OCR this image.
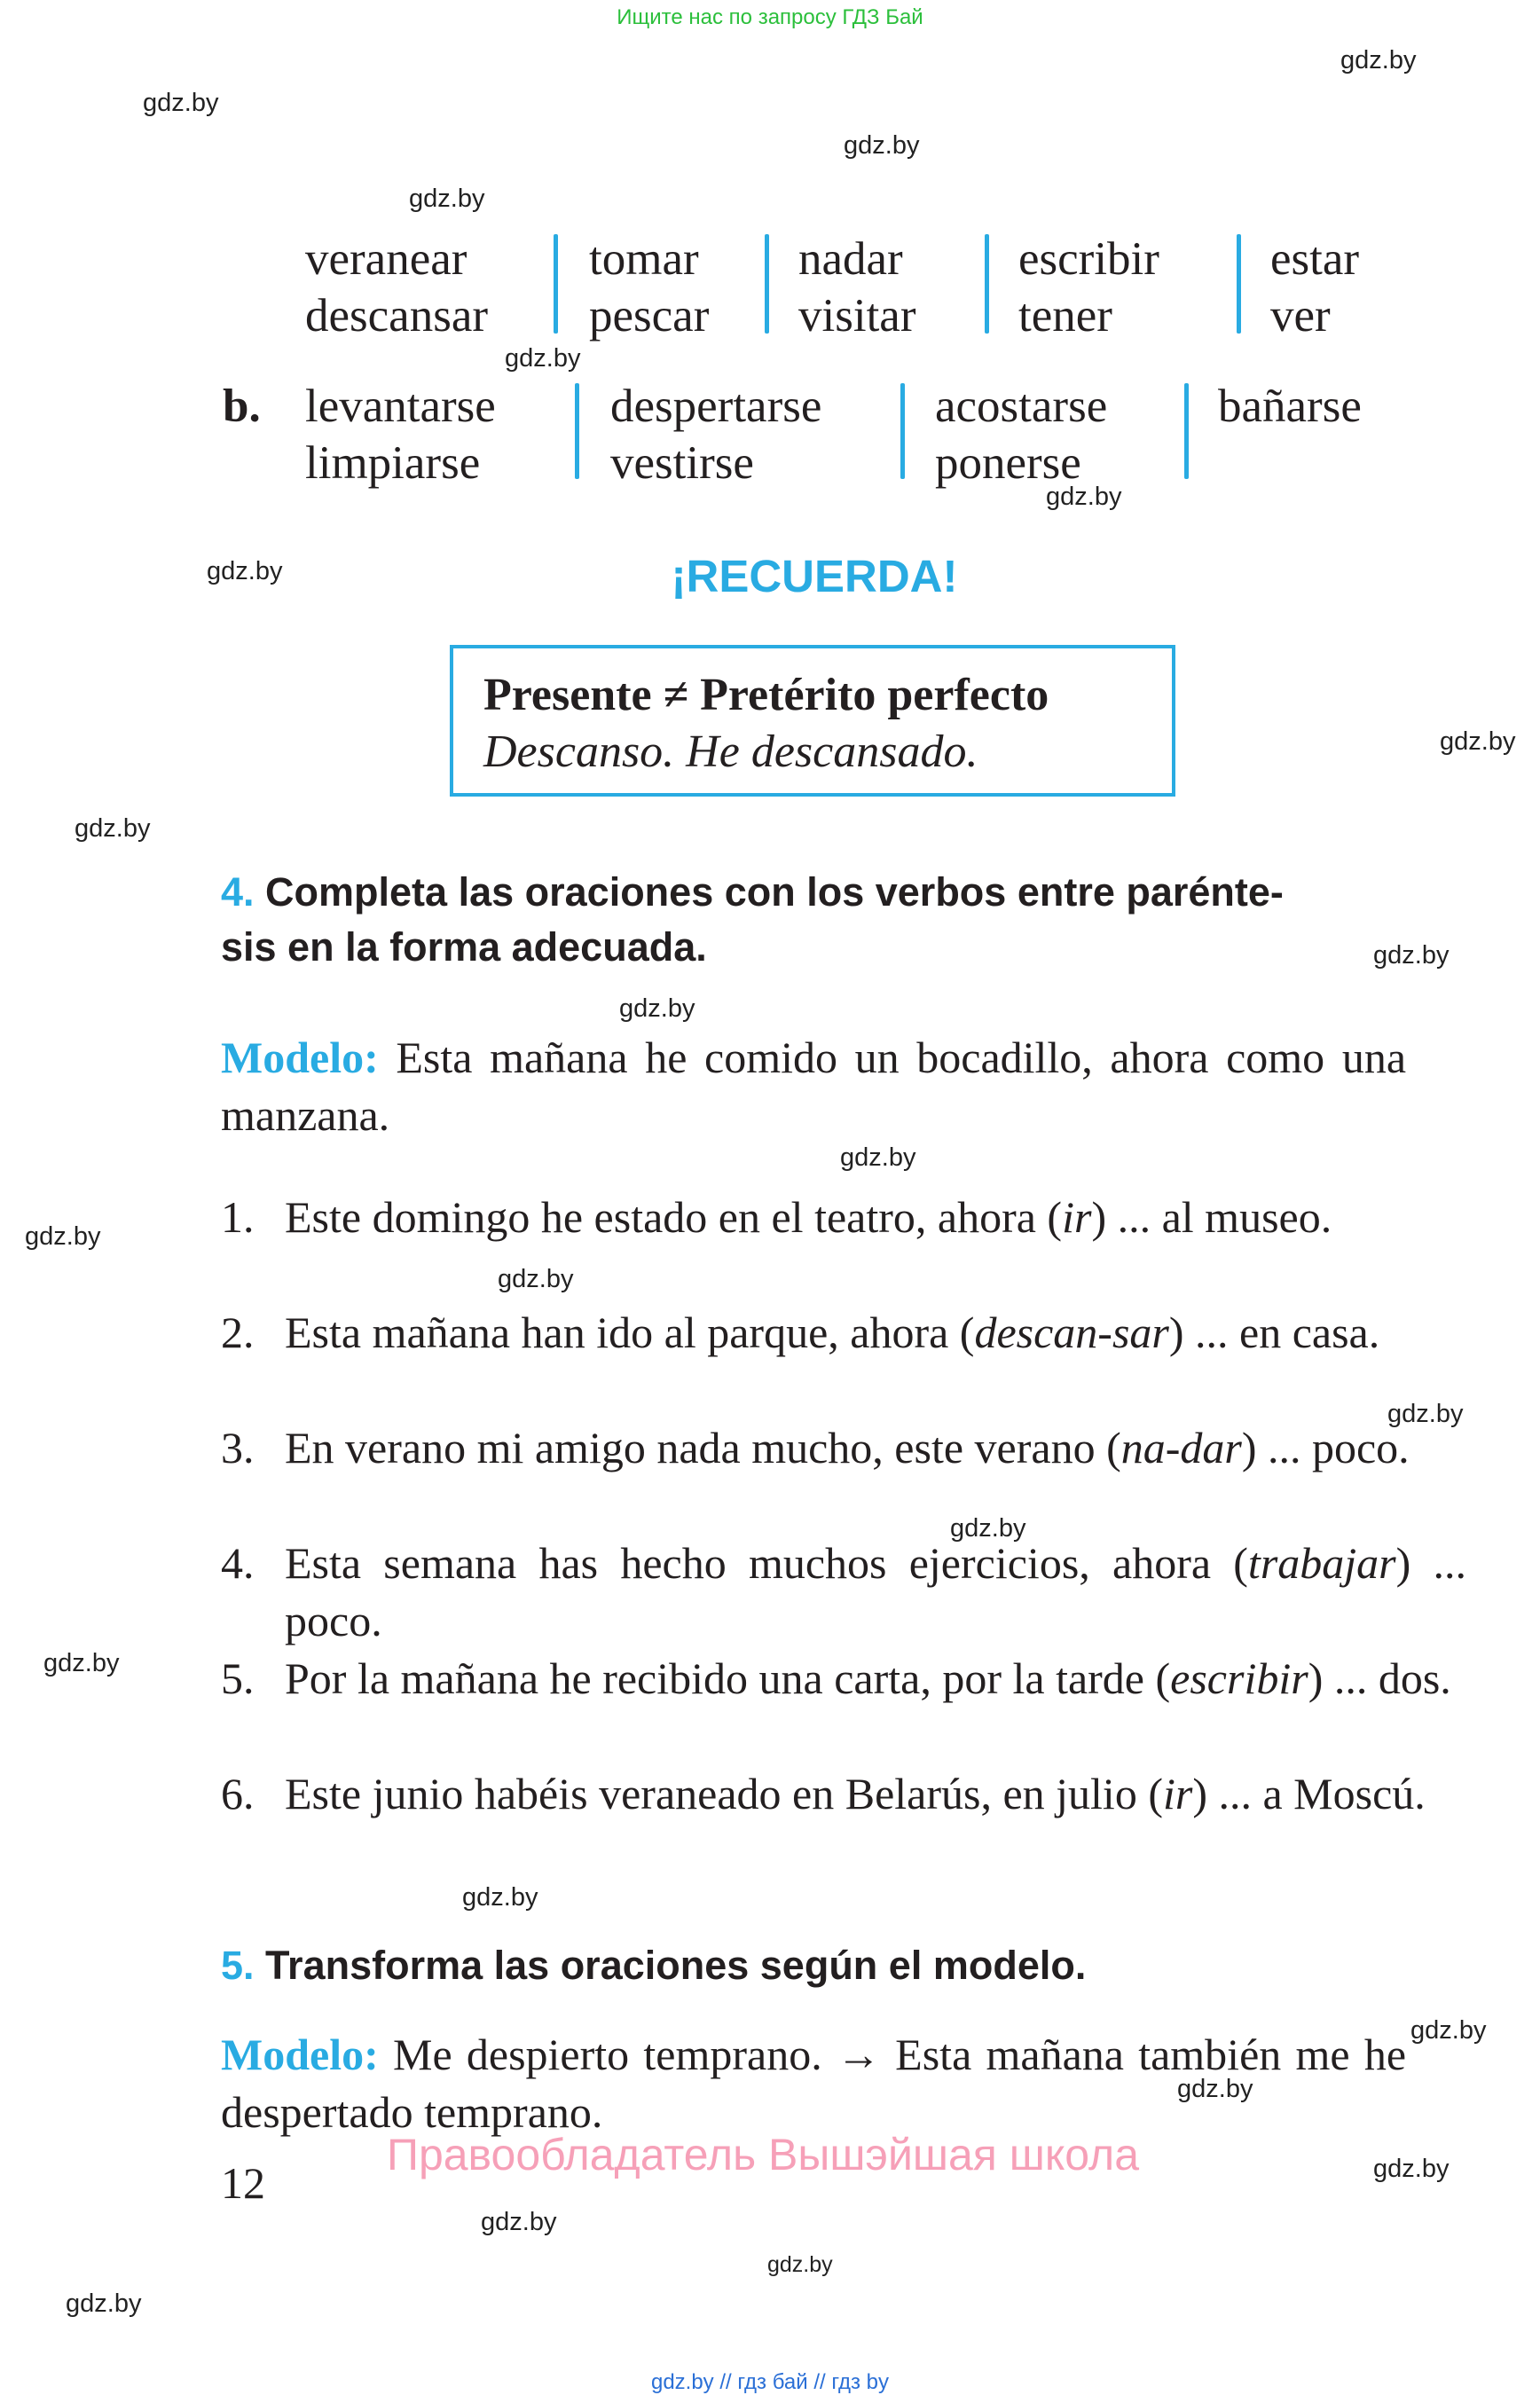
Ищите нас по запросу ГДЗ Бай
gdz.by
gdz.by
gdz.by
gdz.by
gdz.by
gdz.by
gdz.by
gdz.by
gdz.by
gdz.by
gdz.by
gdz.by
gdz.by
gdz.by
gdz.by
gdz.by
gdz.by
gdz.by
gdz.by
gdz.by
gdz.by
gdz.by
gdz.by
gdz.by
veranear
descansar
tomar
pescar
nadar
visitar
escribir
tener
estar
ver
b. levantarse
limpiarse
despertarse
vestirse
acostarse
ponerse
bañarse
¡RECUERDA!
Presente ≠ Pretérito perfecto
Descanso. He descansado.
4. Completa las oraciones con los verbos entre parénte-
sis en la forma adecuada.
Modelo: Esta mañana he comido un bocadillo, ahora como una manzana.
1. Este domingo he estado en el teatro, ahora (ir) ... al museo.
2. Esta mañana han ido al parque, ahora (descan-sar) ... en casa.
3. En verano mi amigo nada mucho, este verano (na-dar) ... poco.
4. Esta semana has hecho muchos ejercicios, ahora (trabajar) ... poco.
5. Por la mañana he recibido una carta, por la tarde (escribir) ... dos.
6. Este junio habéis veraneado en Belarús, en julio (ir) ... a Moscú.
5. Transforma las oraciones según el modelo.
Modelo: Me despierto temprano. → Esta mañana también me he despertado temprano.
12
Правообладатель Вышэйшая школа
gdz.by // гдз бай // гдз by
